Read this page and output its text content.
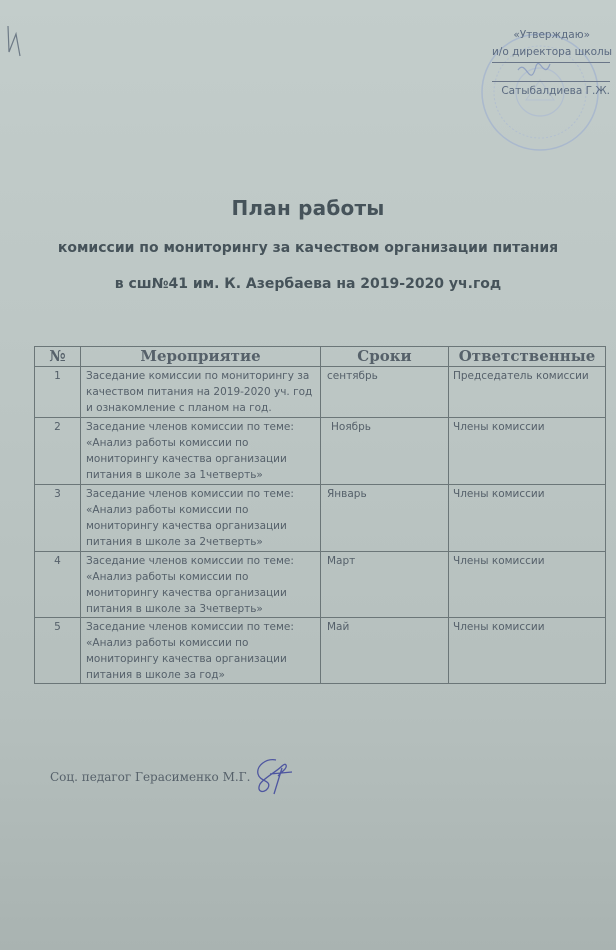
«Утверждаю»
и/о директора школы
Сатыбалдиева Г.Ж.
План работы
комиссии по мониторингу за качеством организации питания
в сш№41 им. К. Азербаева на 2019-2020 уч.год
№	Мероприятие	Сроки	Ответственные
1	Заседание комиссии по мониторингу за качеством питания на 2019-2020 уч. год и ознакомление с планом на год.	сентябрь	Председатель комиссии
2	Заседание членов комиссии по теме: «Анализ работы комиссии по мониторингу качества организации питания в школе за 1четверть»	Ноябрь	Члены комиссии
3	Заседание членов комиссии по теме: «Анализ работы комиссии по мониторингу качества организации питания в школе за 2четверть»	Январь	Члены комиссии
4	Заседание членов комиссии по теме: «Анализ работы комиссии по мониторингу качества организации питания в школе за 3четверть»	Март	Члены комиссии
5	Заседание членов комиссии по теме: «Анализ работы комиссии по мониторингу качества организации питания в школе за год»	Май	Члены комиссии
Соц. педагог Герасименко М.Г.
